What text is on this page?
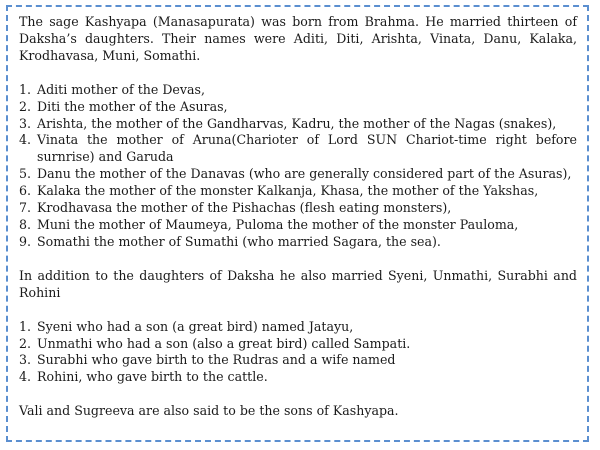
The sage Kashyapa (Manasapurata) was born from Brahma. He married thirteen of Daksha’s daughters. Their names were Aditi, Diti, Arishta, Vinata, Danu, Kalaka, Krodhavasa, Muni, Somathi.

1. Aditi mother of the Devas,
2. Diti the mother of the Asuras,
3. Arishta, the mother of the Gandharvas, Kadru, the mother of the Nagas (snakes),
4. Vinata the mother of Aruna(Charioter of Lord SUN Chariot-time right before surnrise) and Garuda
5. Danu the mother of the Danavas (who are generally considered part of the Asuras),
6. Kalaka the mother of the monster Kalkanja, Khasa, the mother of the Yakshas,
7. Krodhavasa the mother of the Pishachas (flesh eating monsters),
8. Muni the mother of Maumeya, Puloma the mother of the monster Pauloma,
9. Somathi the mother of Sumathi (who married Sagara, the sea).

In addition to the daughters of Daksha he also married Syeni, Unmathi, Surabhi and Rohini

1. Syeni who had a son (a great bird) named Jatayu,
2. Unmathi who had a son (also a great bird) called Sampati.
3. Surabhi who gave birth to the Rudras and a wife named
4. Rohini, who gave birth to the cattle.

Vali and Sugreeva are also said to be the sons of Kashyapa.
